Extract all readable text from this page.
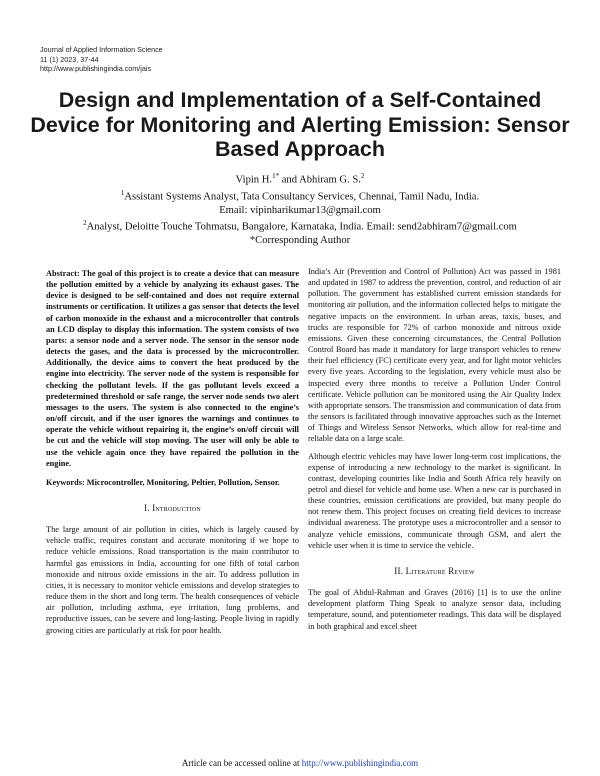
Journal of Applied Information Science
11 (1) 2023, 37-44
http://www.publishingindia.com/jais
Design and Implementation of a Self-Contained Device for Monitoring and Alerting Emission: Sensor Based Approach
Vipin H.$^{1*}$ and Abhiram G. S.$^2$
$^1$Assistant Systems Analyst, Tata Consultancy Services, Chennai, Tamil Nadu, India.
Email: vipinharikumar13@gmail.com
$^2$Analyst, Deloitte Touche Tohmatsu, Bangalore, Karnataka, India. Email: send2abhiram7@gmail.com
*Corresponding Author

Abstract: The goal of this project is to create a device that can measure the pollution emitted by a vehicle by analyzing its exhaust gases. The device is designed to be self-contained and does not require external instruments or certification. It utilizes a gas sensor that detects the level of carbon monoxide in the exhaust and a microcontroller that controls an LCD display to display this information. The system consists of two parts: a sensor node and a server node. The sensor in the sensor node detects the gases, and the data is processed by the microcontroller. Additionally, the device aims to convert the heat produced by the engine into electricity. The server node of the system is responsible for checking the pollutant levels. If the gas pollutant levels exceed a predetermined threshold or safe range, the server node sends two alert messages to the users. The system is also connected to the engine’s on/off circuit, and if the user ignores the warnings and continues to operate the vehicle without repairing it, the engine’s on/off circuit will be cut and the vehicle will stop moving. The user will only be able to use the vehicle again once they have repaired the pollution in the engine.

Keywords: Microcontroller, Monitoring, Peltier, Pollution, Sensor.

I. Introduction

The large amount of air pollution in cities, which is largely caused by vehicle traffic, requires constant and accurate monitoring if we hope to reduce vehicle emissions. Road transportation is the main contributor to harmful gas emissions in India, accounting for one fifth of total carbon monoxide and nitrous oxide emissions in the air. To address pollution in cities, it is necessary to monitor vehicle emissions and develop strategies to reduce them in the short and long term. The health consequences of vehicle air pollution, including asthma, eye irritation, lung problems, and reproductive issues, can be severe and long-lasting. People living in rapidly growing cities are particularly at risk for poor health.

India’s Air (Prevention and Control of Pollution) Act was passed in 1981 and updated in 1987 to address the prevention, control, and reduction of air pollution. The government has established current emission standards for monitoring air pollution, and the information collected helps to mitigate the negative impacts on the environment. In urban areas, taxis, buses, and trucks are responsible for 72% of carbon monoxide and nitrous oxide emissions. Given these concerning circumstances, the Central Pollution Control Board has made it mandatory for large transport vehicles to renew their fuel efficiency (FC) certificate every year, and for light motor vehicles every five years. According to the legislation, every vehicle must also be inspected every three months to receive a Pollution Under Control certificate. Vehicle pollution can be monitored using the Air Quality Index with appropriate sensors. The transmission and communication of data from the sensors is facilitated through innovative approaches such as the Internet of Things and Wireless Sensor Networks, which allow for real-time and reliable data on a large scale.

Although electric vehicles may have lower long-term cost implications, the expense of introducing a new technology to the market is significant. In contrast, developing countries like India and South Africa rely heavily on petrol and diesel for vehicle and home use. When a new car is purchased in these countries, emission certifications are provided, but many people do not renew them. This project focuses on creating field devices to increase individual awareness. The prototype uses a microcontroller and a sensor to analyze vehicle emissions, communicate through GSM, and alert the vehicle user when it is time to service the vehicle.

II. Literature Review

The goal of Abdul-Rahman and Graves (2016) [1] is to use the online development platform Thing Speak to analyze sensor data, including temperature, sound, and potentiometer readings. This data will be displayed in both graphical and excel sheet

Article can be accessed online at http://www.publishingindia.com
